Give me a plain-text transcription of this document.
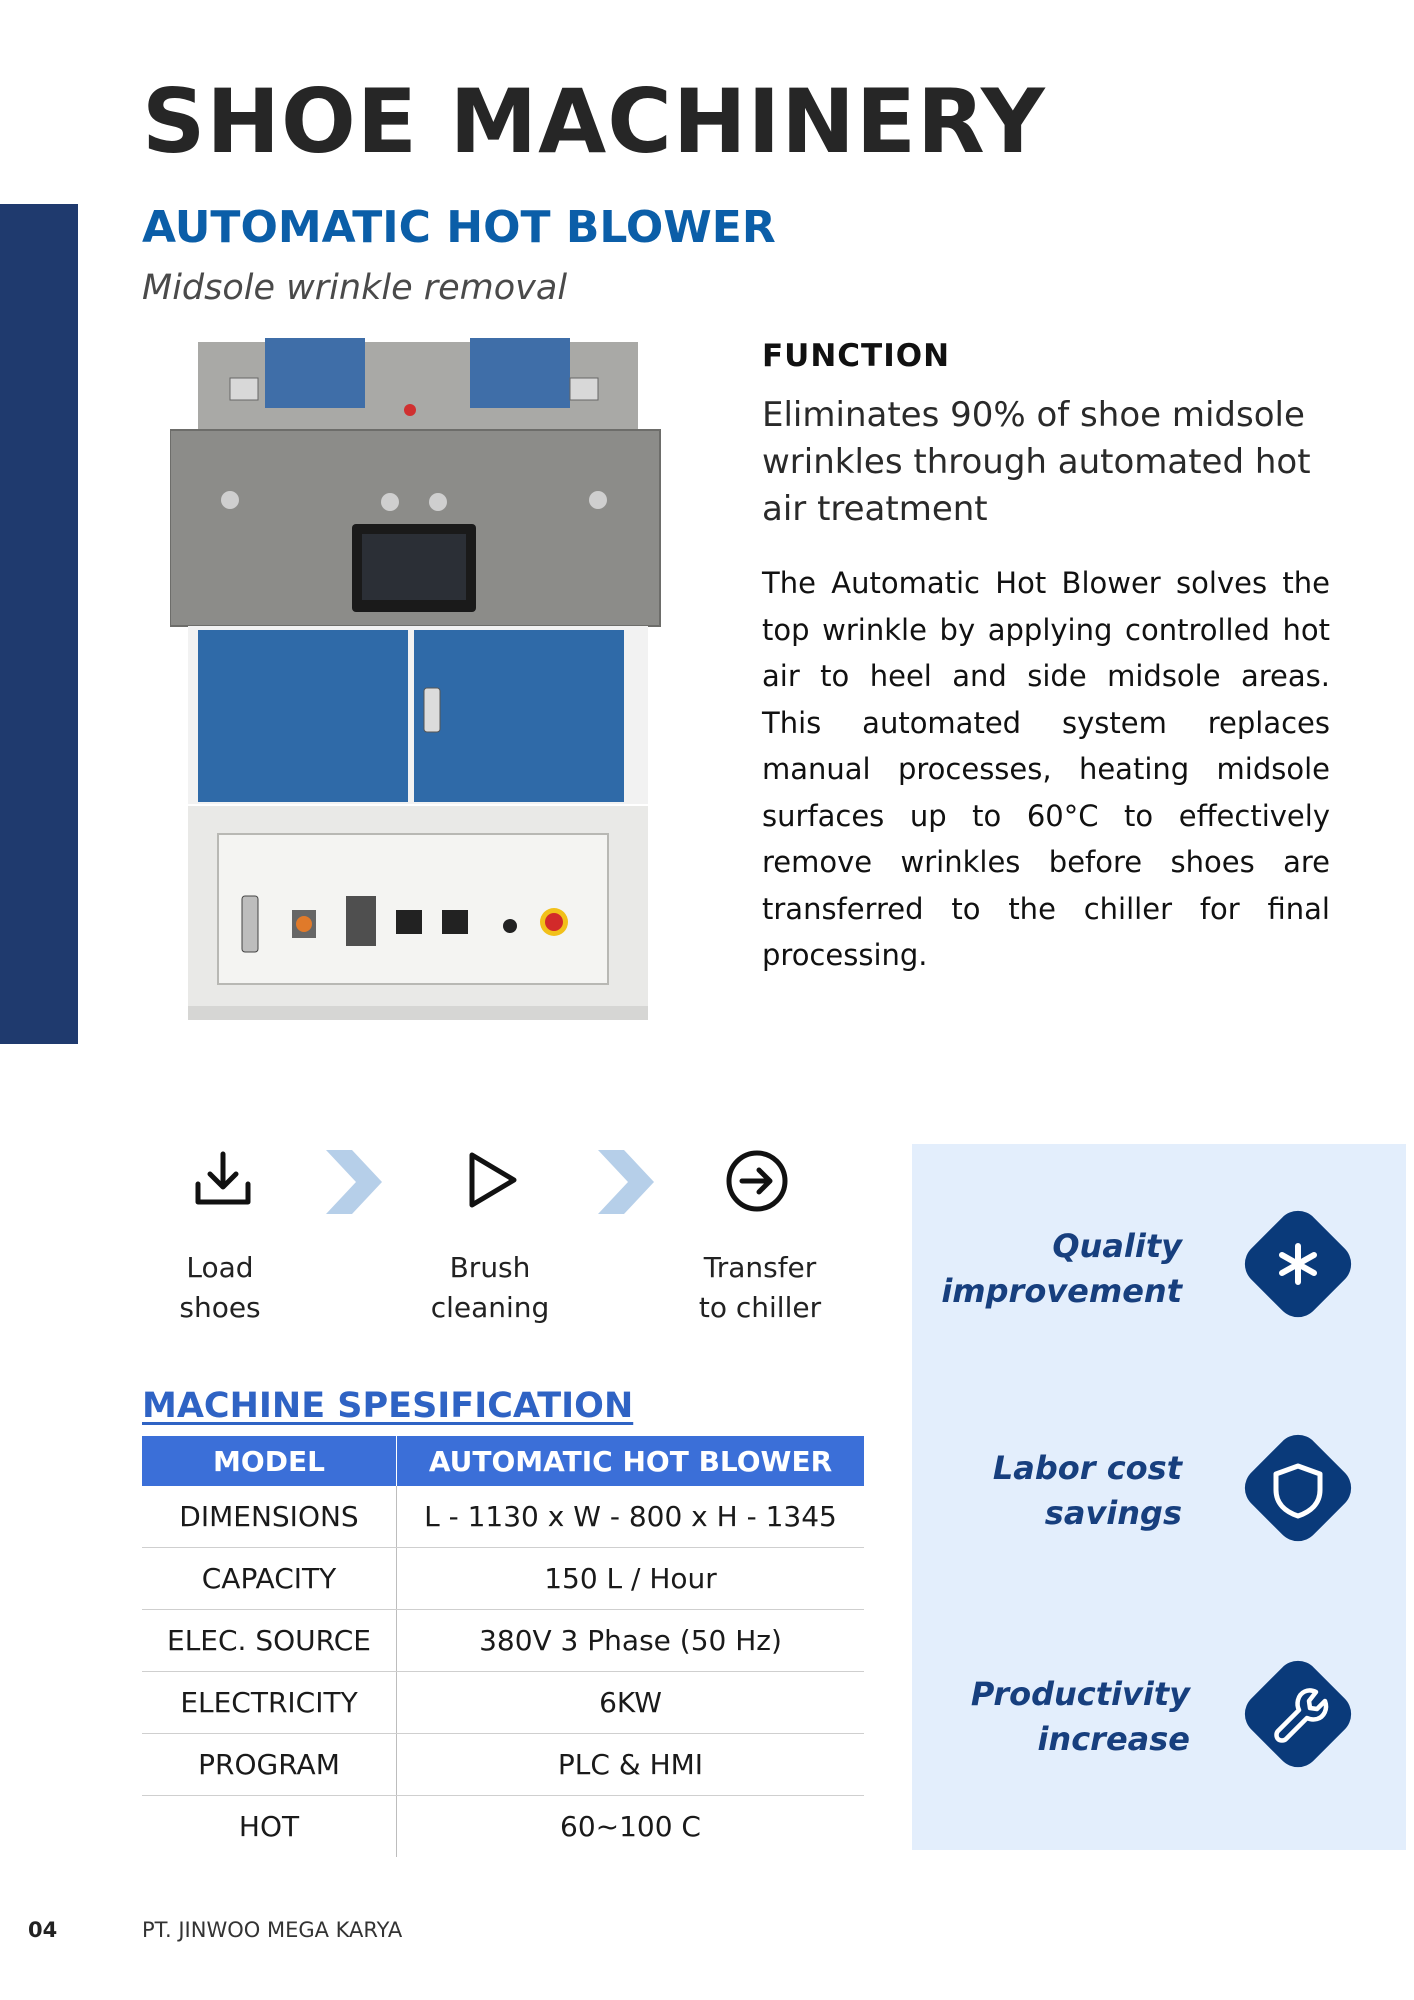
SHOE MACHINERY
AUTOMATIC HOT BLOWER
Midsole wrinkle removal
FUNCTION
Eliminates 90% of shoe midsole wrinkles through automated hot air treatment
The Automatic Hot Blower solves the top wrinkle by applying controlled hot air to heel and side midsole areas. This automated system replaces manual processes, heating midsole surfaces up to 60°C to effectively remove wrinkles before shoes are transferred to the chiller for final processing.
Load
shoes
Brush
cleaning
Transfer
to chiller
MACHINE SPESIFICATION
MODEL	AUTOMATIC HOT BLOWER
DIMENSIONS	L - 1130 x W - 800 x H - 1345
CAPACITY	150 L / Hour
ELEC. SOURCE	380V 3 Phase (50 Hz)
ELECTRICITY	6KW
PROGRAM	PLC & HMI
HOT	60~100 C
Quality
improvement
Labor cost
savings
Productivity
increase
04	PT. JINWOO MEGA KARYA
